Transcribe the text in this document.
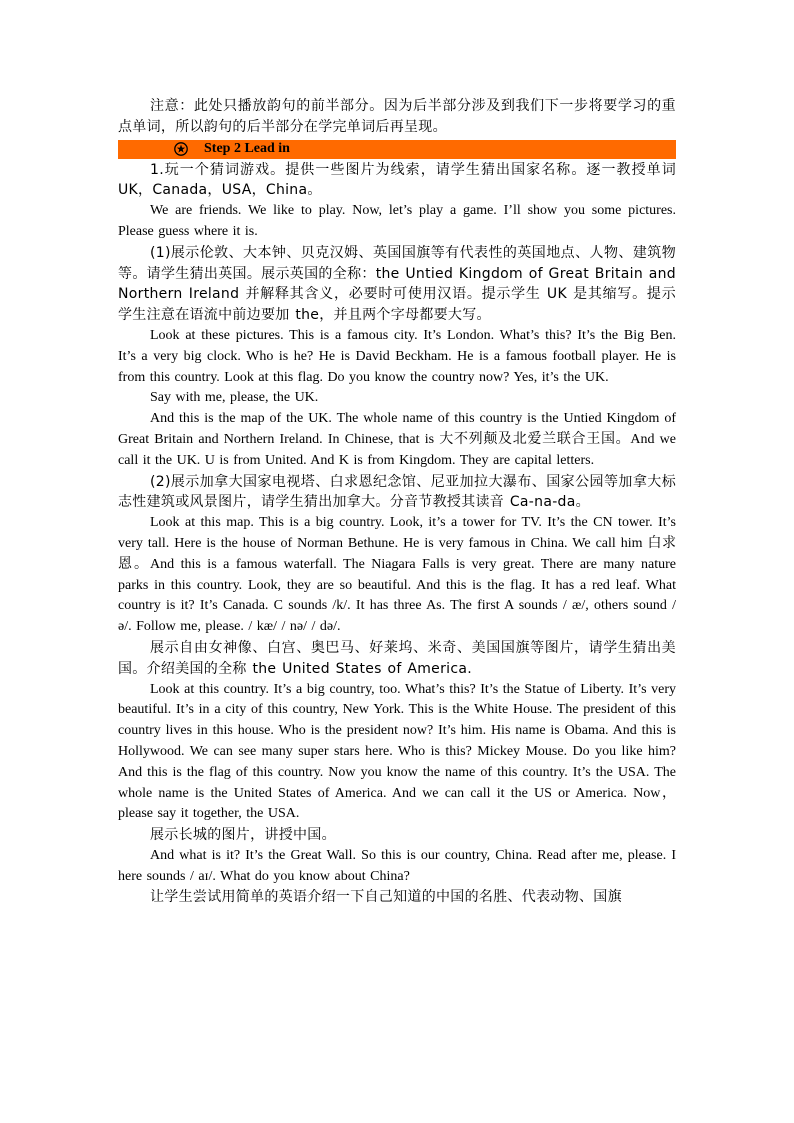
注意：此处只播放韵句的前半部分。因为后半部分涉及到我们下一步将要学习的重点单词，所以韵句的后半部分在学完单词后再呈现。

Step 2 Lead in

1.玩一个猜词游戏。提供一些图片为线索，请学生猜出国家名称。逐一教授单词 UK，Canada，USA，China。

We are friends. We like to play. Now, let’s play a game. I’ll show you some pictures. Please guess where it is.

(1)展示伦敦、大本钟、贝克汉姆、英国国旗等有代表性的英国地点、人物、建筑物等。请学生猜出英国。展示英国的全称：the Untied Kingdom of Great Britain and Northern Ireland 并解释其含义，必要时可使用汉语。提示学生 UK 是其缩写。提示学生注意在语流中前边要加 the，并且两个字母都要大写。

Look at these pictures. This is a famous city. It’s London. What’s this? It’s the Big Ben. It’s a very big clock. Who is he? He is David Beckham. He is a famous football player. He is from this country. Look at this flag. Do you know the country now? Yes, it’s the UK.

Say with me, please, the UK.

And this is the map of the UK. The whole name of this country is the Untied Kingdom of Great Britain and Northern Ireland. In Chinese, that is 大不列颠及北爱兰联合王国。And we call it the UK. U is from United. And K is from Kingdom. They are capital letters.

(2)展示加拿大国家电视塔、白求恩纪念馆、尼亚加拉大瀑布、国家公园等加拿大标志性建筑或风景图片，请学生猜出加拿大。分音节教授其读音 Ca-na-da。

Look at this map. This is a big country. Look, it’s a tower for TV. It’s the CN tower. It’s very tall. Here is the house of Norman Bethune. He is very famous in China. We call him 白求恩。And this is a famous waterfall. The Niagara Falls is very great. There are many nature parks in this country. Look, they are so beautiful. And this is the flag. It has a red leaf. What country is it? It’s Canada. C sounds /k/. It has three As. The first A sounds / æ/, others sound / ə/. Follow me, please. / kæ/ / nə/ / də/.

展示自由女神像、白宫、奥巴马、好莱坞、米奇、美国国旗等图片，请学生猜出美国。介绍美国的全称 the United States of America.

Look at this country. It’s a big country, too. What’s this? It’s the Statue of Liberty. It’s very beautiful. It’s in a city of this country, New York. This is the White House. The president of this country lives in this house. Who is the president now? It’s him. His name is Obama. And this is Hollywood. We can see many super stars here. Who is this? Mickey Mouse. Do you like him? And this is the flag of this country. Now you know the name of this country. It’s the USA. The whole name is the United States of America. And we can call it the US or America. Now，please say it together, the USA.

展示长城的图片，讲授中国。

And what is it? It’s the Great Wall. So this is our country, China. Read after me, please. I here sounds / aɪ/. What do you know about China?

让学生尝试用简单的英语介绍一下自己知道的中国的名胜、代表动物、国旗
